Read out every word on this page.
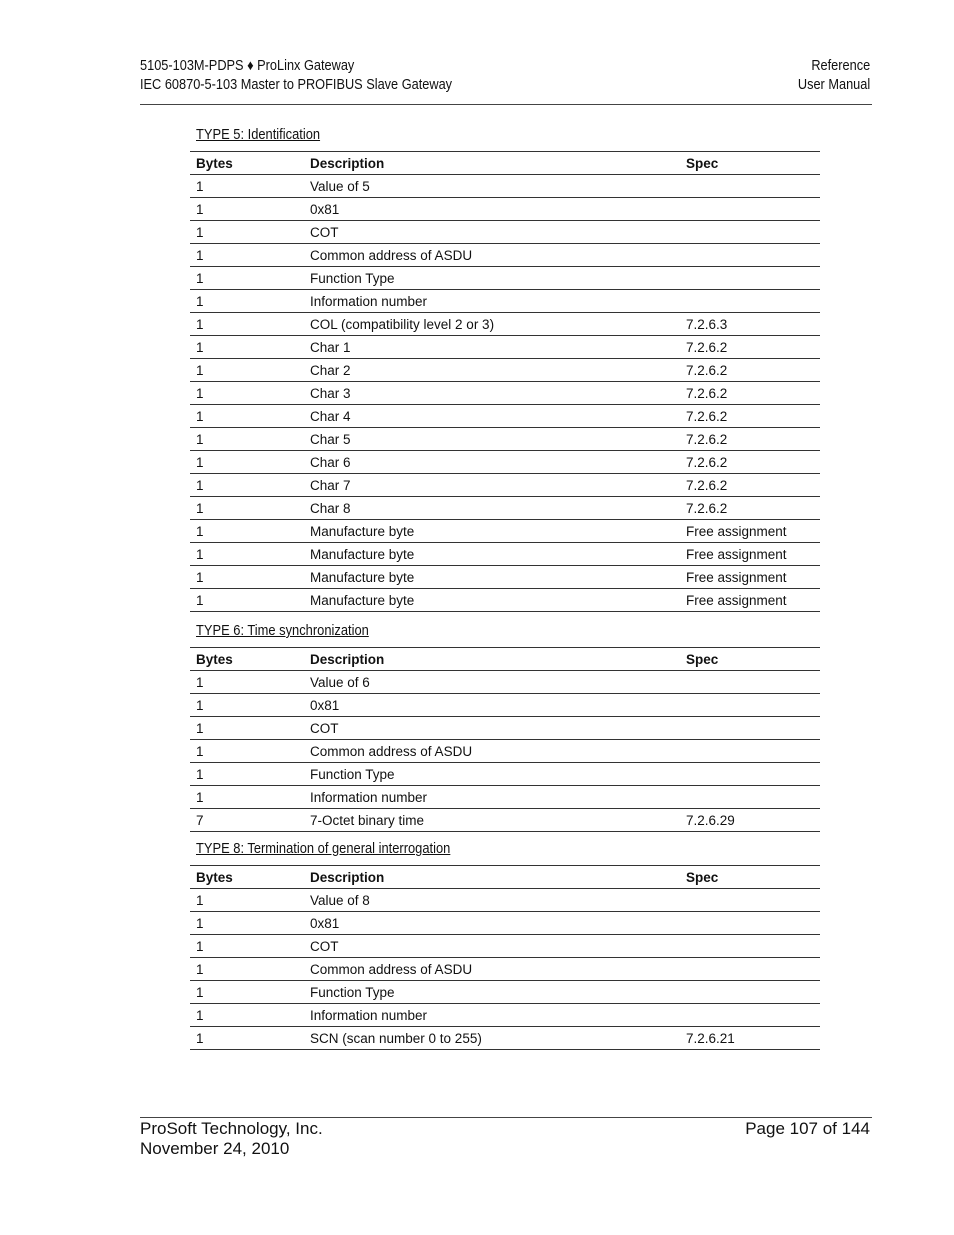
5105-103M-PDPS ♦ ProLinx Gateway
IEC 60870-5-103 Master to PROFIBUS Slave Gateway
Reference
User Manual
TYPE 5: Identification
Bytes	Description	Spec
1	Value of 5	
1	0x81	
1	COT	
1	Common address of ASDU	
1	Function Type	
1	Information number	
1	COL (compatibility level 2 or 3)	7.2.6.3
1	Char 1	7.2.6.2
1	Char 2	7.2.6.2
1	Char 3	7.2.6.2
1	Char 4	7.2.6.2
1	Char 5	7.2.6.2
1	Char 6	7.2.6.2
1	Char 7	7.2.6.2
1	Char 8	7.2.6.2
1	Manufacture byte	Free assignment
1	Manufacture byte	Free assignment
1	Manufacture byte	Free assignment
1	Manufacture byte	Free assignment
TYPE 6: Time synchronization
Bytes	Description	Spec
1	Value of 6	
1	0x81	
1	COT	
1	Common address of ASDU	
1	Function Type	
1	Information number	
7	7-Octet binary time	7.2.6.29
TYPE 8: Termination of general interrogation
Bytes	Description	Spec
1	Value of 8	
1	0x81	
1	COT	
1	Common address of ASDU	
1	Function Type	
1	Information number	
1	SCN (scan number 0 to 255)	7.2.6.21
ProSoft Technology, Inc.
November 24, 2010
Page 107 of 144
